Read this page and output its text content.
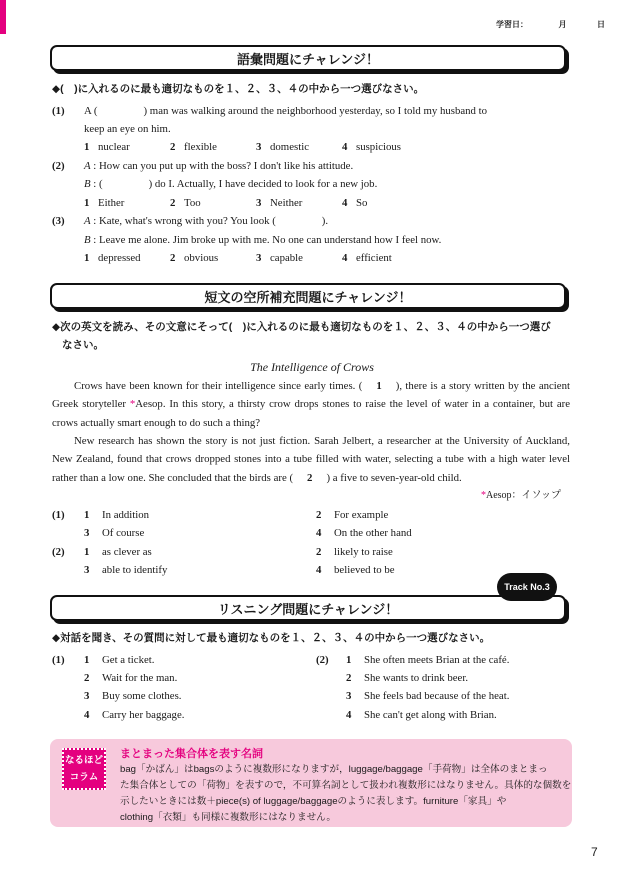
学習日：	月	日
語彙問題にチャレンジ！
◆(　)に入れるのに最も適切なものを１、２、３、４の中から一つ選びなさい。
(1) A (	) man was walking around the neighborhood yesterday, so I told my husband to
keep an eye on him.
1 nuclear	2 flexible	3 domestic	4 suspicious
(2) A : How can you put up with the boss? I don't like his attitude.
B : (	) do I. Actually, I have decided to look for a new job.
1 Either	2 Too	3 Neither	4 So
(3) A : Kate, what's wrong with you? You look (	).
B : Leave me alone. Jim broke up with me. No one can understand how I feel now.
1 depressed	2 obvious	3 capable	4 efficient
短文の空所補充問題にチャレンジ！
◆次の英文を読み、その文意にそって(　)に入れるのに最も適切なものを１、２、３、４の中から一つ選び
なさい。
The Intelligence of Crows
Crows have been known for their intelligence since early times. ( 1 ), there is a story written by the ancient Greek storyteller *Aesop. In this story, a thirsty crow drops stones to raise the level of water in a container, but are crows actually smart enough to do such a thing?
New research has shown the story is not just fiction. Sarah Jelbert, a researcher at the University of Auckland, New Zealand, found that crows dropped stones into a tube filled with water, selecting a tube with a high water level rather than a low one. She concluded that the birds are ( 2 ) a five to seven-year-old child.
*Aesop：イソップ
(1) 1 In addition	2 For example
3 Of course	4 On the other hand
(2) 1 as clever as	2 likely to raise
3 able to identify	4 believed to be
リスニング問題にチャレンジ！
Track No.3
◆対話を聞き、その質問に対して最も適切なものを１、２、３、４の中から一つ選びなさい。
(1) 1 Get a ticket.
2 Wait for the man.
3 Buy some clothes.
4 Carry her baggage.
(2) 1 She often meets Brian at the café.
2 She wants to drink beer.
3 She feels bad because of the heat.
4 She can't get along with Brian.
なるほど
コラム
まとまった集合体を表す名詞
bag「かばん」はbagsのように複数形になりますが，luggage/baggage「手荷物」は全体のまとまっ
た集合体としての「荷物」を表すので，不可算名詞として扱われ複数形にはなりません。具体的な個数を
示したいときには数＋piece(s) of luggage/baggageのように表します。furniture「家具」や
clothing「衣類」も同様に複数形にはなりません。
7
